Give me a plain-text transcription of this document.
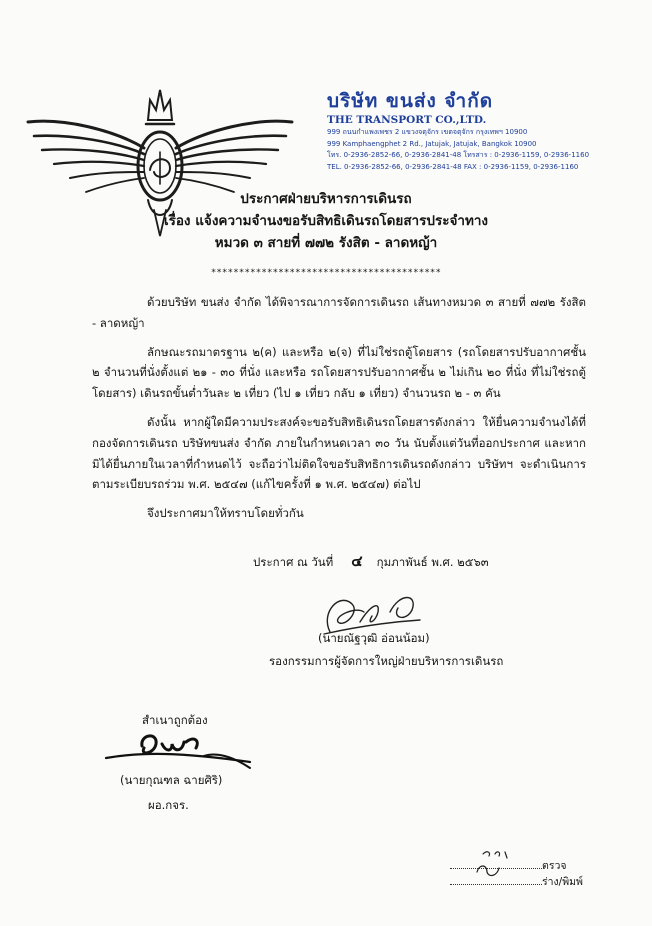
บริษัท ขนส่ง จำกัด
THE TRANSPORT CO.,LTD.
999 ถนนกำแพงเพชร 2 แขวงจตุจักร เขตจตุจักร กรุงเทพฯ 10900
999 Kamphaengphet 2 Rd., Jatujak, Jatujak, Bangkok 10900
โทร. 0-2936-2852-66, 0-2936-2841-48 โทรสาร : 0-2936-1159, 0-2936-1160
TEL. 0-2936-2852-66, 0-2936-2841-48 FAX : 0-2936-1159, 0-2936-1160
ประกาศฝ่ายบริหารการเดินรถ
เรื่อง แจ้งความจำนงขอรับสิทธิเดินรถโดยสารประจำทาง
หมวด ๓ สายที่ ๗๗๒ รังสิต - ลาดหญ้า
*****************************************

ด้วยบริษัท ขนส่ง จำกัด ได้พิจารณาการจัดการเดินรถ เส้นทางหมวด ๓ สายที่ ๗๗๒ รังสิต - ลาดหญ้า

ลักษณะรถมาตรฐาน ๒(ค) และหรือ ๒(จ) ที่ไม่ใช่รถตู้โดยสาร (รถโดยสารปรับอากาศชั้น ๒ จำนวนที่นั่งตั้งแต่ ๒๑ - ๓๐ ที่นั่ง และหรือ รถโดยสารปรับอากาศชั้น ๒ ไม่เกิน ๒๐ ที่นั่ง ที่ไม่ใช่รถตู้โดยสาร) เดินรถขั้นต่ำวันละ ๒ เที่ยว (ไป ๑ เที่ยว กลับ ๑ เที่ยว) จำนวนรถ ๒ - ๓ คัน

ดังนั้น หากผู้ใดมีความประสงค์จะขอรับสิทธิเดินรถโดยสารดังกล่าว ให้ยื่นความจำนงได้ที่ กองจัดการเดินรถ บริษัทขนส่ง จำกัด ภายในกำหนดเวลา ๓๐ วัน นับตั้งแต่วันที่ออกประกาศ และหากมิได้ยื่นภายในเวลาที่กำหนดไว้ จะถือว่าไม่ติดใจขอรับสิทธิการเดินรถดังกล่าว บริษัทฯ จะดำเนินการตามระเบียบรถร่วม พ.ศ. ๒๕๔๗ (แก้ไขครั้งที่ ๑ พ.ศ. ๒๕๔๗) ต่อไป

จึงประกาศมาให้ทราบโดยทั่วกัน

ประกาศ ณ วันที่ ๔ กุมภาพันธ์ พ.ศ. ๒๕๖๓
(นายณัฐวุฒิ อ่อนน้อม)
รองกรรมการผู้จัดการใหญ่ฝ่ายบริหารการเดินรถ
สำเนาถูกต้อง
(นายกุณฑล ฉายศิริ)
ผอ.กจร.
ตรวจ
ร่าง/พิมพ์
